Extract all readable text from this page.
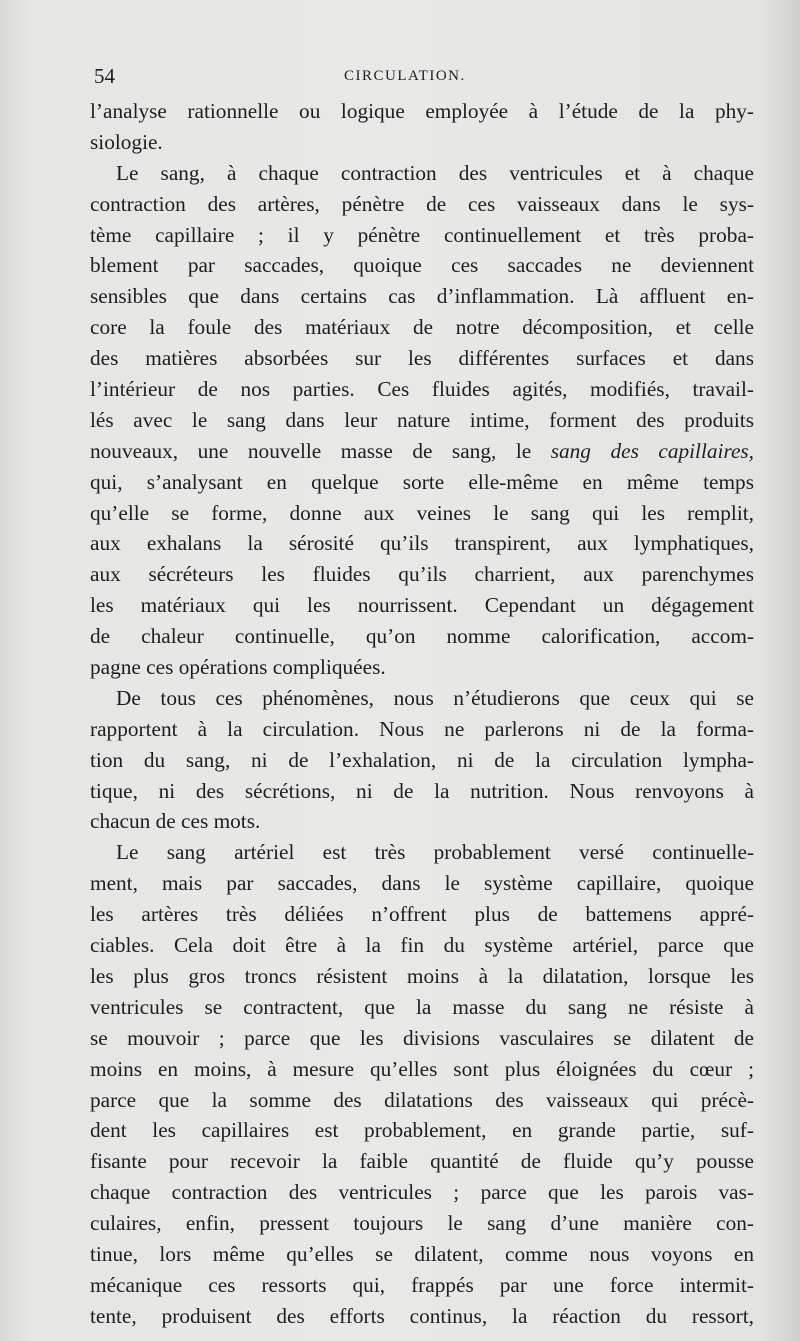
54	CIRCULATION.
l’analyse rationnelle ou logique employée à l’étude de la phy-
siologie.
Le sang, à chaque contraction des ventricules et à chaque
contraction des artères, pénètre de ces vaisseaux dans le sys-
tème capillaire ; il y pénètre continuellement et très proba-
blement par saccades, quoique ces saccades ne deviennent
sensibles que dans certains cas d’inflammation. Là affluent en-
core la foule des matériaux de notre décomposition, et celle
des matières absorbées sur les différentes surfaces et dans
l’intérieur de nos parties. Ces fluides agités, modifiés, travail-
lés avec le sang dans leur nature intime, forment des produits
nouveaux, une nouvelle masse de sang, le sang des capillaires,
qui, s’analysant en quelque sorte elle-même en même temps
qu’elle se forme, donne aux veines le sang qui les remplit,
aux exhalans la sérosité qu’ils transpirent, aux lymphatiques,
aux sécréteurs les fluides qu’ils charrient, aux parenchymes
les matériaux qui les nourrissent. Cependant un dégagement
de chaleur continuelle, qu’on nomme calorification, accom-
pagne ces opérations compliquées.
De tous ces phénomènes, nous n’étudierons que ceux qui se
rapportent à la circulation. Nous ne parlerons ni de la forma-
tion du sang, ni de l’exhalation, ni de la circulation lympha-
tique, ni des sécrétions, ni de la nutrition. Nous renvoyons à
chacun de ces mots.
Le sang artériel est très probablement versé continuelle-
ment, mais par saccades, dans le système capillaire, quoique
les artères très déliées n’offrent plus de battemens appré-
ciables. Cela doit être à la fin du système artériel, parce que
les plus gros troncs résistent moins à la dilatation, lorsque les
ventricules se contractent, que la masse du sang ne résiste à
se mouvoir ; parce que les divisions vasculaires se dilatent de
moins en moins, à mesure qu’elles sont plus éloignées du cœur ;
parce que la somme des dilatations des vaisseaux qui précè-
dent les capillaires est probablement, en grande partie, suf-
fisante pour recevoir la faible quantité de fluide qu’y pousse
chaque contraction des ventricules ; parce que les parois vas-
culaires, enfin, pressent toujours le sang d’une manière con-
tinue, lors même qu’elles se dilatent, comme nous voyons en
mécanique ces ressorts qui, frappés par une force intermit-
tente, produisent des efforts continus, la réaction du ressort,
